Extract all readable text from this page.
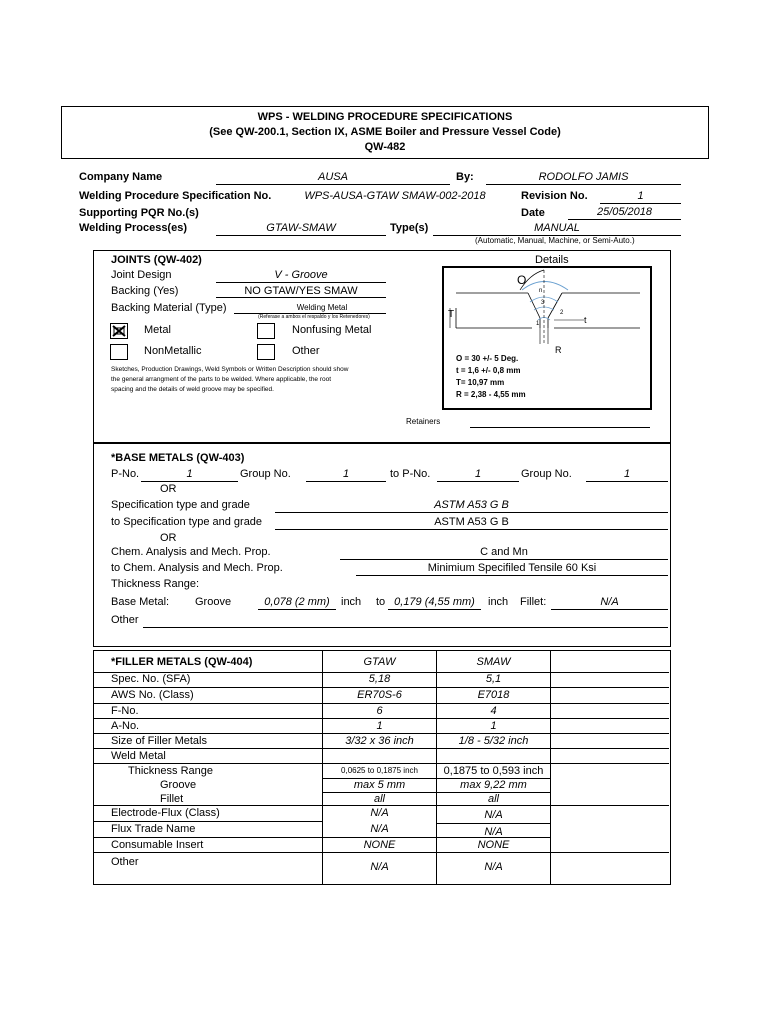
WPS - WELDING PROCEDURE SPECIFICATIONS
(See QW-200.1, Section IX, ASME Boiler and Pressure Vessel Code)
QW-482
Company Name	AUSA	By:	RODOLFO JAMIS
Welding Procedure Specification No.	WPS-AUSA-GTAW SMAW-002-2018	Revision No.	1
Supporting PQR No.(s)	Date	25/05/2018
Welding Process(es)	GTAW-SMAW	Type(s)	MANUAL
(Automatic, Manual, Machine, or Semi-Auto.)
JOINTS (QW-402)	Details
Joint Design	V - Groove
Backing (Yes)	NO GTAW/YES SMAW
Backing Material (Type)	Welding Metal
(Referase a ambos el respaldo y los Retenedores)
Metal	Nonfusing Metal
NonMetallic	Other
Sketches, Production Drawings, Weld Symbols or Written Description should show the general arrangment of the parts to be welded. Where applicable, the root spacing and the details of weld groove may be specified.
O
T	t
R
n
3
2
1
O = 30 +/- 5 Deg.
t = 1,6 +/- 0,8 mm
T= 10,97 mm
R = 2,38 - 4,55 mm
Retainers
*BASE METALS (QW-403)
P-No.	1	Group No.	1	to P-No.	1	Group No.	1
OR
Specification type and grade	ASTM A53 G B
to Specification type and grade	ASTM A53 G B
OR
Chem. Analysis and Mech. Prop.	C and Mn
to Chem. Analysis and Mech. Prop.	Minimium Specifiled Tensile 60 Ksi
Thickness Range:
Base Metal: Groove	0,078 (2 mm)	inch to 0,179 (4,55 mm)	inch Fillet:	N/A
Other
*FILLER METALS (QW-404)	GTAW	SMAW
Spec. No. (SFA)	5,18	5,1
AWS No. (Class)	ER70S-6	E7018
F-No.	6	4
A-No.	1	1
Size of Filler Metals	3/32 x 36 inch	1/8 - 5/32 inch
Weld Metal
Thickness Range	0,0625 to 0,1875 inch	0,1875 to 0,593 inch
Groove	max 5 mm	max 9,22 mm
Fillet	all	all
Electrode-Flux (Class)	N/A	N/A
Flux Trade Name	N/A	N/A
Consumable Insert	NONE	NONE
Other	N/A	N/A
